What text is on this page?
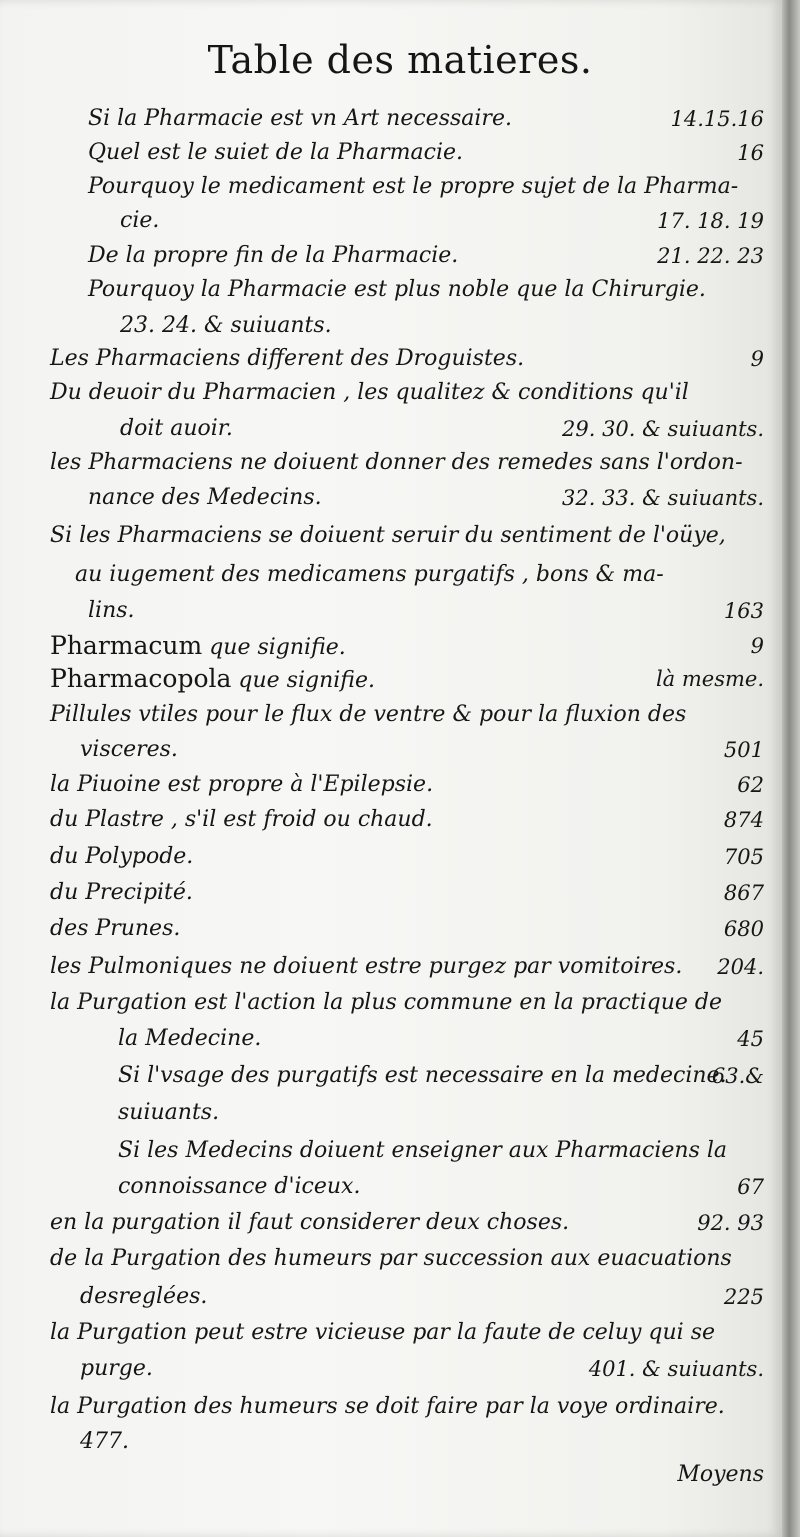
Table des matieres.
Si la Pharmacie est vn Art necessaire.	14.15.16
Quel est le suiet de la Pharmacie.	16
Pourquoy le medicament est le propre sujet de la Pharma-
cie.	17. 18. 19
De la propre fin de la Pharmacie.	21. 22. 23
Pourquoy la Pharmacie est plus noble que la Chirurgie.
23. 24. & suiuants.
Les Pharmaciens different des Droguistes.	9
Du deuoir du Pharmacien , les qualitez & conditions qu'il
doit auoir.	29. 30. & suiuants.
les Pharmaciens ne doiuent donner des remedes sans l'ordon-
nance des Medecins.	32. 33. & suiuants.
Si les Pharmaciens se doiuent seruir du sentiment de l'oüye,
au iugement des medicamens purgatifs , bons & ma-
lins.	163
Pharmacum que signifie.	9
Pharmacopola que signifie.	là mesme.
Pillules vtiles pour le flux de ventre & pour la fluxion des
visceres.	501
la Piuoine est propre à l'Epilepsie.	62
du Plastre , s'il est froid ou chaud.	874
du Polypode.	705
du Precipité.	867
des Prunes.	680
les Pulmoniques ne doiuent estre purgez par vomitoires. 204.
la Purgation est l'action la plus commune en la practique de
la Medecine.	45
Si l'vsage des purgatifs est necessaire en la medecine.
63.&
suiuants.
Si les Medecins doiuent enseigner aux Pharmaciens la
connoissance d'iceux.	67
en la purgation il faut considerer deux choses.	92. 93
de la Purgation des humeurs par succession aux euacuations
desreglées.	225
la Purgation peut estre vicieuse par la faute de celuy qui se
purge.	401. & suiuants.
la Purgation des humeurs se doit faire par la voye ordinaire.
477.
Moyens
